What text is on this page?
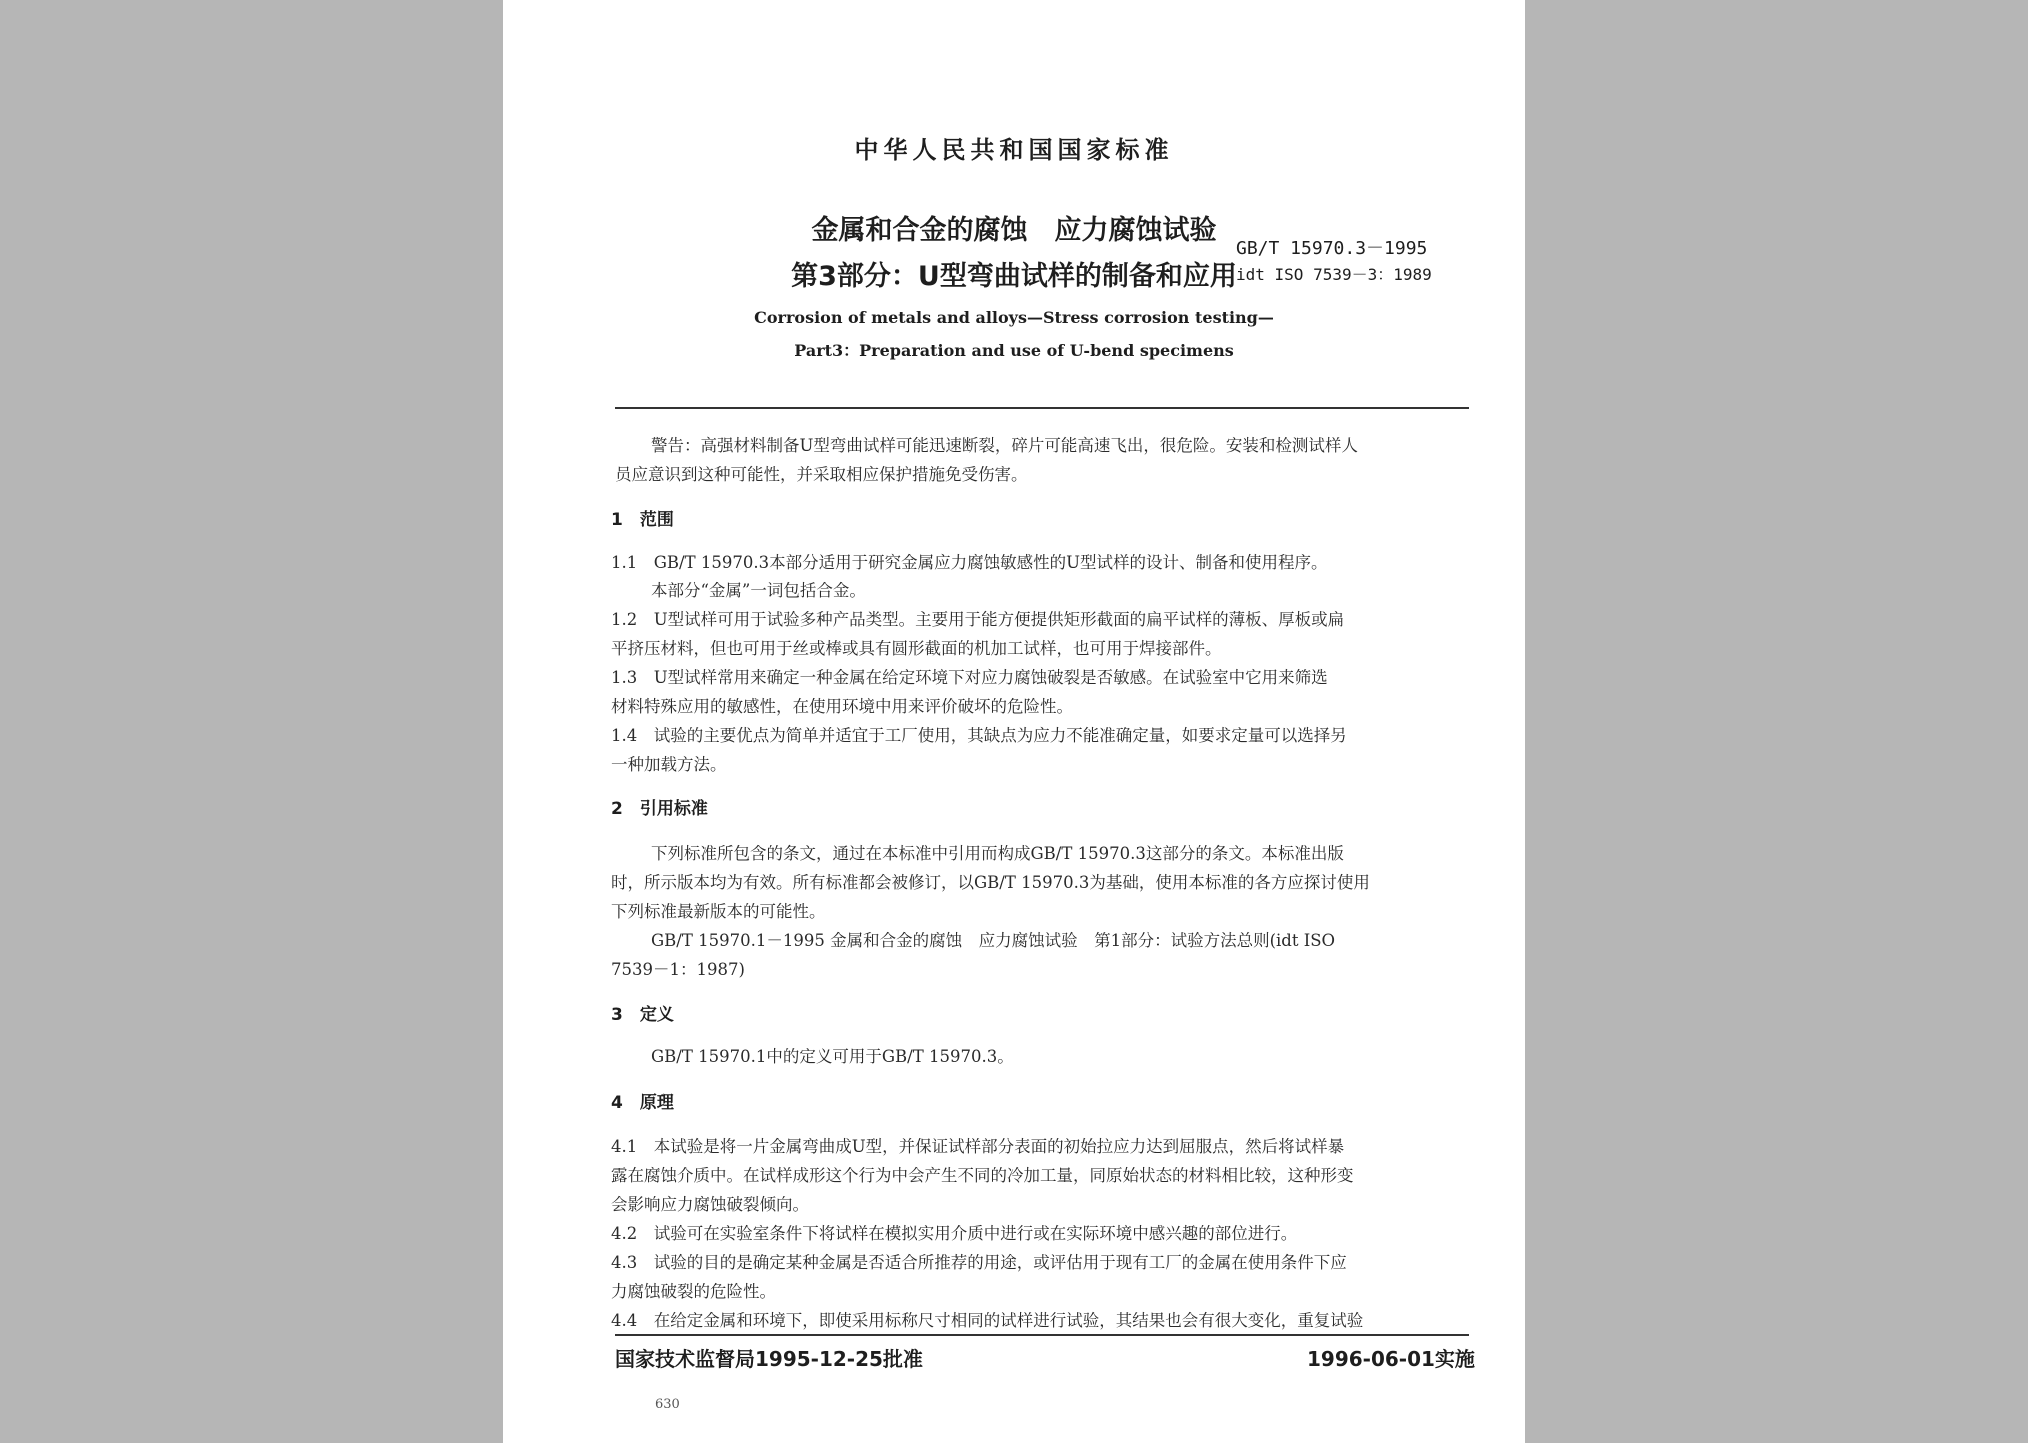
中华人民共和国国家标准

金属和合金的腐蚀　应力腐蚀试验

第3部分：U型弯曲试样的制备和应用

GB/T 15970.3－1995

idt ISO 7539－3：1989

Corrosion of metals and alloys—Stress corrosion testing—

Part3：Preparation and use of U-bend specimens

警告：高强材料制备U型弯曲试样可能迅速断裂，碎片可能高速飞出，很危险。安装和检测试样人

员应意识到这种可能性，并采取相应保护措施免受伤害。

1　范围

1.1　GB/T 15970.3本部分适用于研究金属应力腐蚀敏感性的U型试样的设计、制备和使用程序。

本部分“金属”一词包括合金。

1.2　U型试样可用于试验多种产品类型。主要用于能方便提供矩形截面的扁平试样的薄板、厚板或扁

平挤压材料，但也可用于丝或棒或具有圆形截面的机加工试样，也可用于焊接部件。

1.3　U型试样常用来确定一种金属在给定环境下对应力腐蚀破裂是否敏感。在试验室中它用来筛选

材料特殊应用的敏感性，在使用环境中用来评价破坏的危险性。

1.4　试验的主要优点为简单并适宜于工厂使用，其缺点为应力不能准确定量，如要求定量可以选择另

一种加载方法。

2　引用标准

下列标准所包含的条文，通过在本标准中引用而构成GB/T 15970.3这部分的条文。本标准出版

时，所示版本均为有效。所有标准都会被修订，以GB/T 15970.3为基础，使用本标准的各方应探讨使用

下列标准最新版本的可能性。

GB/T 15970.1－1995 金属和合金的腐蚀　应力腐蚀试验　第1部分：试验方法总则(idt ISO

7539－1：1987)

3　定义

GB/T 15970.1中的定义可用于GB/T 15970.3。

4　原理

4.1　本试验是将一片金属弯曲成U型，并保证试样部分表面的初始拉应力达到屈服点，然后将试样暴

露在腐蚀介质中。在试样成形这个行为中会产生不同的冷加工量，同原始状态的材料相比较，这种形变

会影响应力腐蚀破裂倾向。

4.2　试验可在实验室条件下将试样在模拟实用介质中进行或在实际环境中感兴趣的部位进行。

4.3　试验的目的是确定某种金属是否适合所推荐的用途，或评估用于现有工厂的金属在使用条件下应

力腐蚀破裂的危险性。

4.4　在给定金属和环境下，即使采用标称尺寸相同的试样进行试验，其结果也会有很大变化，重复试验

国家技术监督局1995-12-25批准	1996-06-01实施

630
